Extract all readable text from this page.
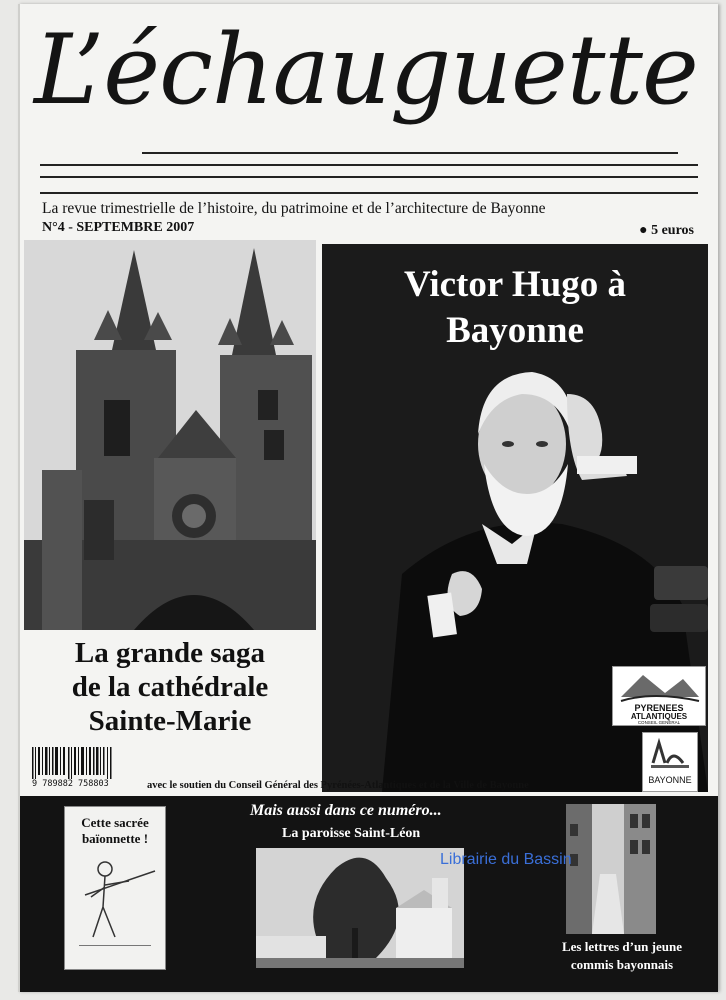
L’échauguette
La revue trimestrielle de l’histoire, du patrimoine et de l’architecture de Bayonne
N°4 - SEPTEMBRE 2007	● 5 euros
La grande saga
de la cathédrale
Sainte-Marie
Victor Hugo à
Bayonne
PYRENEES
ATLANTIQUES
CONSEIL GENERAL
BAYONNE
9 789882 758803	avec le soutien du Conseil Général des Pyrénées-Atlantiques et de la Ville de Bayonne
Mais aussi dans ce numéro...
La paroisse Saint-Léon
Cette sacrée
baïonnette !
Librairie du Bassin
Les lettres d’un jeune
commis bayonnais
